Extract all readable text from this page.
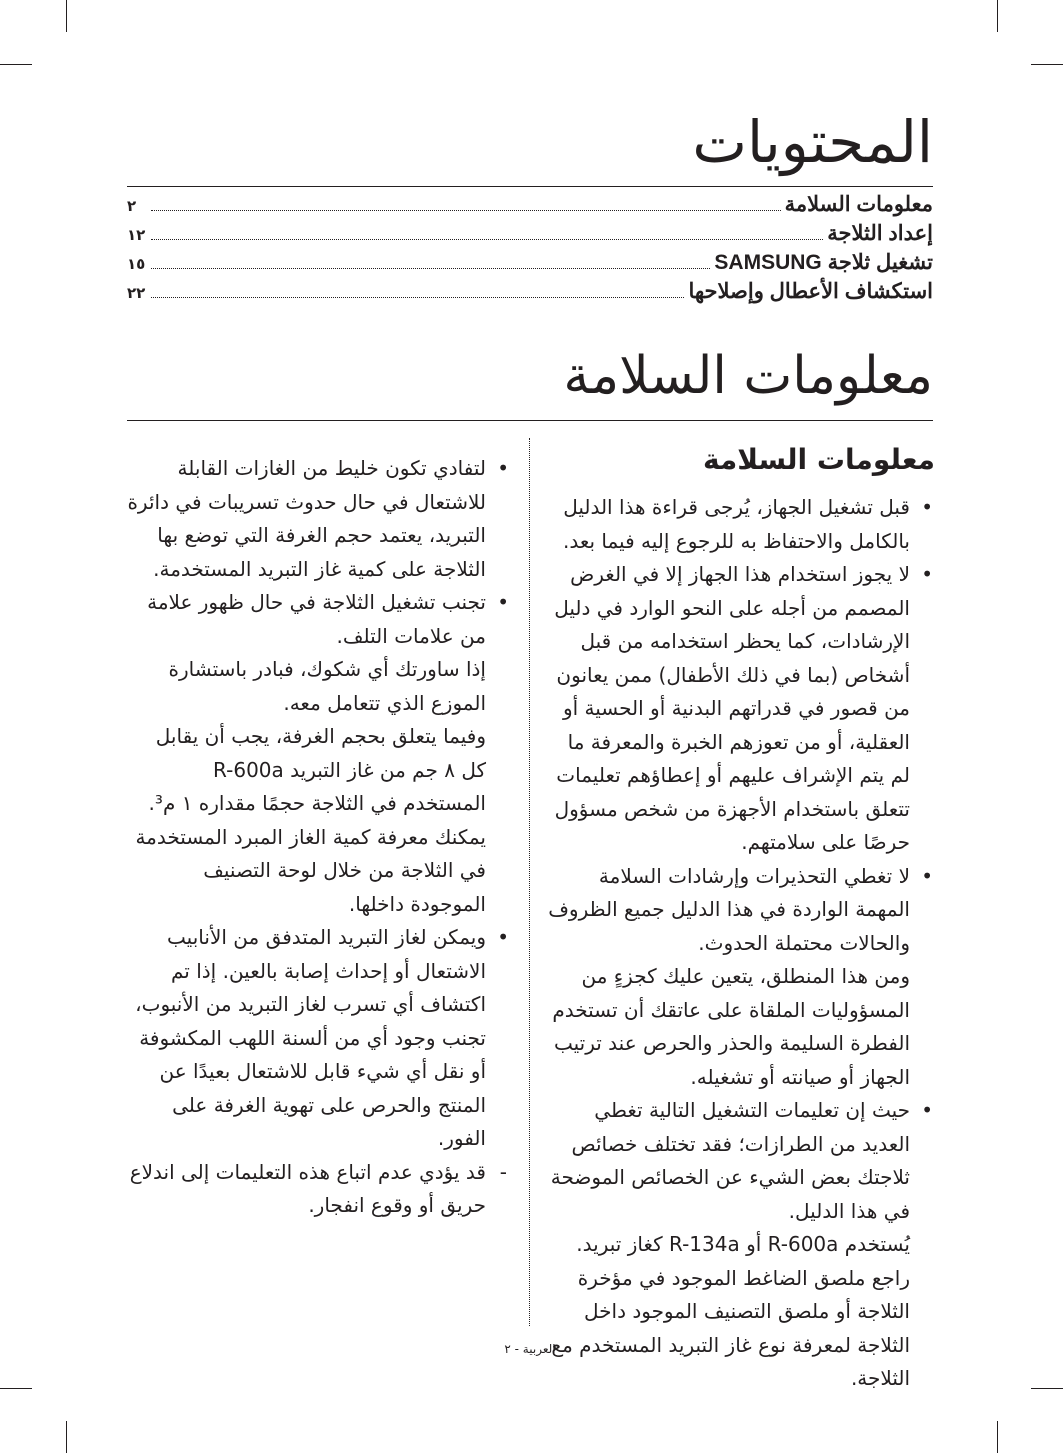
المحتويات
معلومات السلامة
٢
إعداد الثلاجة
١٢
تشغيل ثلاجة SAMSUNG
١٥
استكشاف الأعطال وإصلاحها
٢٢
معلومات السلامة
معلومات السلامة
• قبل تشغيل الجهاز، يُرجى قراءة هذا الدليل بالكامل والاحتفاظ به للرجوع إليه فيما بعد.
• لا يجوز استخدام هذا الجهاز إلا في الغرض المصمم من أجله على النحو الوارد في دليل الإرشادات، كما يحظر استخدامه من قبل أشخاص (بما في ذلك الأطفال) ممن يعانون من قصور في قدراتهم البدنية أو الحسية أو العقلية، أو من تعوزهم الخبرة والمعرفة ما لم يتم الإشراف عليهم أو إعطاؤهم تعليمات تتعلق باستخدام الأجهزة من شخص مسؤول حرصًا على سلامتهم.
• لا تغطي التحذيرات وإرشادات السلامة المهمة الواردة في هذا الدليل جميع الظروف والحالات محتملة الحدوث.
ومن هذا المنطلق، يتعين عليك كجزءٍ من المسؤوليات الملقاة على عاتقك أن تستخدم الفطرة السليمة والحذر والحرص عند ترتيب الجهاز أو صيانته أو تشغيله.
• حيث إن تعليمات التشغيل التالية تغطي العديد من الطرازات؛ فقد تختلف خصائص ثلاجتك بعض الشيء عن الخصائص الموضحة في هذا الدليل.
يُستخدم R-600a أو R-134a كغاز تبريد.
راجع ملصق الضاغط الموجود في مؤخرة الثلاجة أو ملصق التصنيف الموجود داخل الثلاجة لمعرفة نوع غاز التبريد المستخدم مع الثلاجة.
• لتفادي تكون خليط من الغازات القابلة للاشتعال في حال حدوث تسريبات في دائرة التبريد، يعتمد حجم الغرفة التي توضع بها الثلاجة على كمية غاز التبريد المستخدمة.
• تجنب تشغيل الثلاجة في حال ظهور علامة من علامات التلف.
إذا ساورتك أي شكوك، فبادر باستشارة الموزع الذي تتعامل معه.
وفيما يتعلق بحجم الغرفة، يجب أن يقابل كل ٨ جم من غاز التبريد R-600a المستخدم في الثلاجة حجمًا مقداره ١ م³.
يمكنك معرفة كمية الغاز المبرد المستخدمة في الثلاجة من خلال لوحة التصنيف الموجودة داخلها.
• ويمكن لغاز التبريد المتدفق من الأنابيب الاشتعال أو إحداث إصابة بالعين. إذا تم اكتشاف أي تسرب لغاز التبريد من الأنبوب، تجنب وجود أي من ألسنة اللهب المكشوفة أو نقل أي شيء قابل للاشتعال بعيدًا عن المنتج والحرص على تهوية الغرفة على الفور.
- قد يؤدي عدم اتباع هذه التعليمات إلى اندلاع حريق أو وقوع انفجار.
العربية - ٢
